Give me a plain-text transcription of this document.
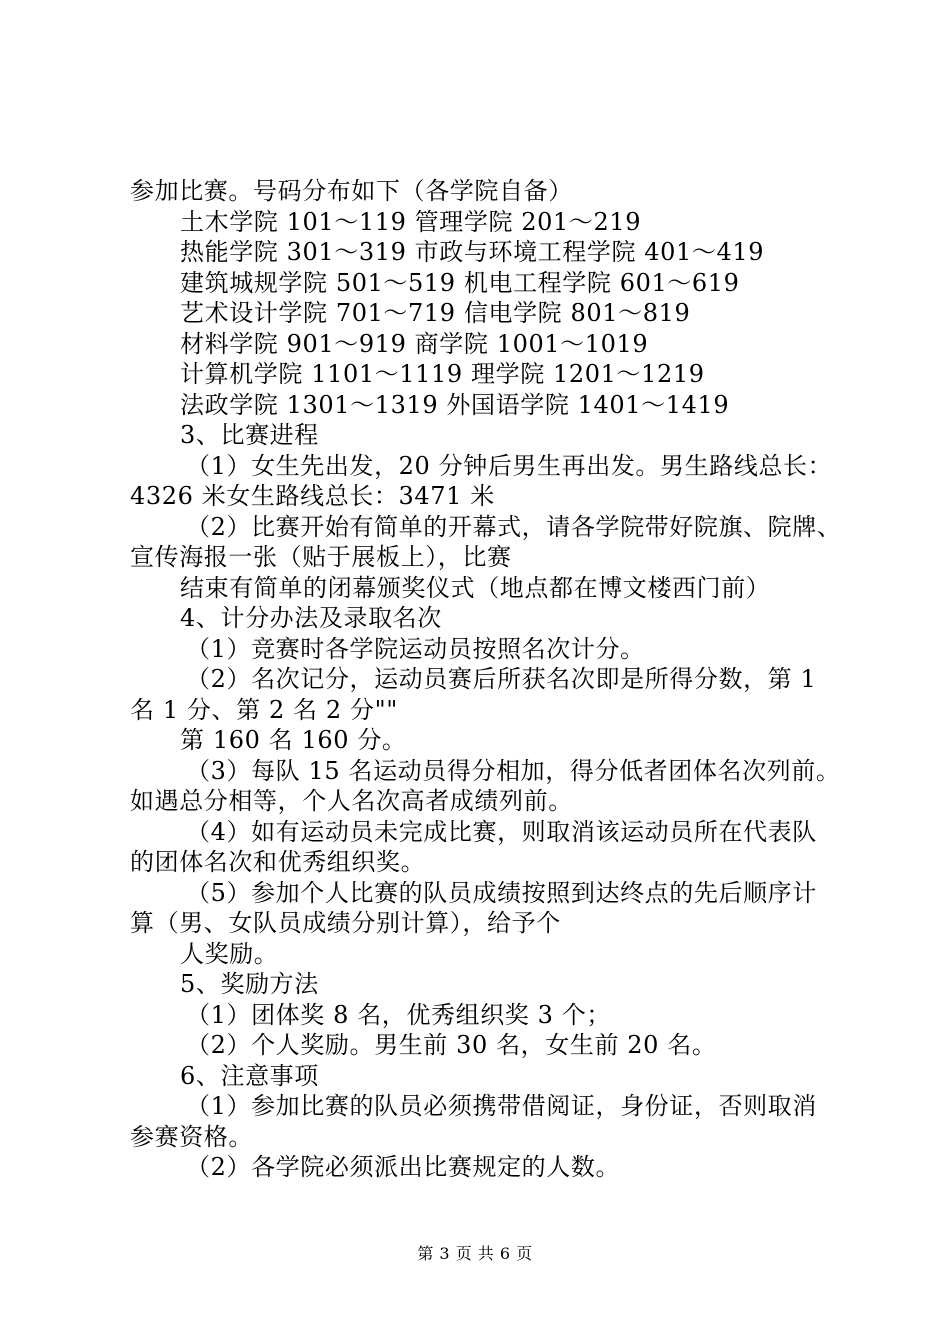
参加比赛。号码分布如下（各学院自备）
土木学院 101～119 管理学院 201～219
热能学院 301～319 市政与环境工程学院 401～419
建筑城规学院 501～519 机电工程学院 601～619
艺术设计学院 701～719 信电学院 801～819
材料学院 901～919 商学院 1001～1019
计算机学院 1101～1119 理学院 1201～1219
法政学院 1301～1319 外国语学院 1401～1419
3、比赛进程
（1）女生先出发，20 分钟后男生再出发。男生路线总长：
4326 米女生路线总长：3471 米
（2）比赛开始有简单的开幕式，请各学院带好院旗、院牌、
宣传海报一张（贴于展板上），比赛
结束有简单的闭幕颁奖仪式（地点都在博文楼西门前）
4、计分办法及录取名次
（1）竞赛时各学院运动员按照名次计分。
（2）名次记分，运动员赛后所获名次即是所得分数，第 1
名 1 分、第 2 名 2 分""
第 160 名 160 分。
（3）每队 15 名运动员得分相加，得分低者团体名次列前。
如遇总分相等，个人名次高者成绩列前。
（4）如有运动员未完成比赛，则取消该运动员所在代表队
的团体名次和优秀组织奖。
（5）参加个人比赛的队员成绩按照到达终点的先后顺序计
算（男、女队员成绩分别计算），给予个
人奖励。
5、奖励方法
（1）团体奖 8 名，优秀组织奖 3 个；
（2）个人奖励。男生前 30 名，女生前 20 名。
6、注意事项
（1）参加比赛的队员必须携带借阅证，身份证，否则取消
参赛资格。
（2）各学院必须派出比赛规定的人数。
第 3 页 共 6 页
